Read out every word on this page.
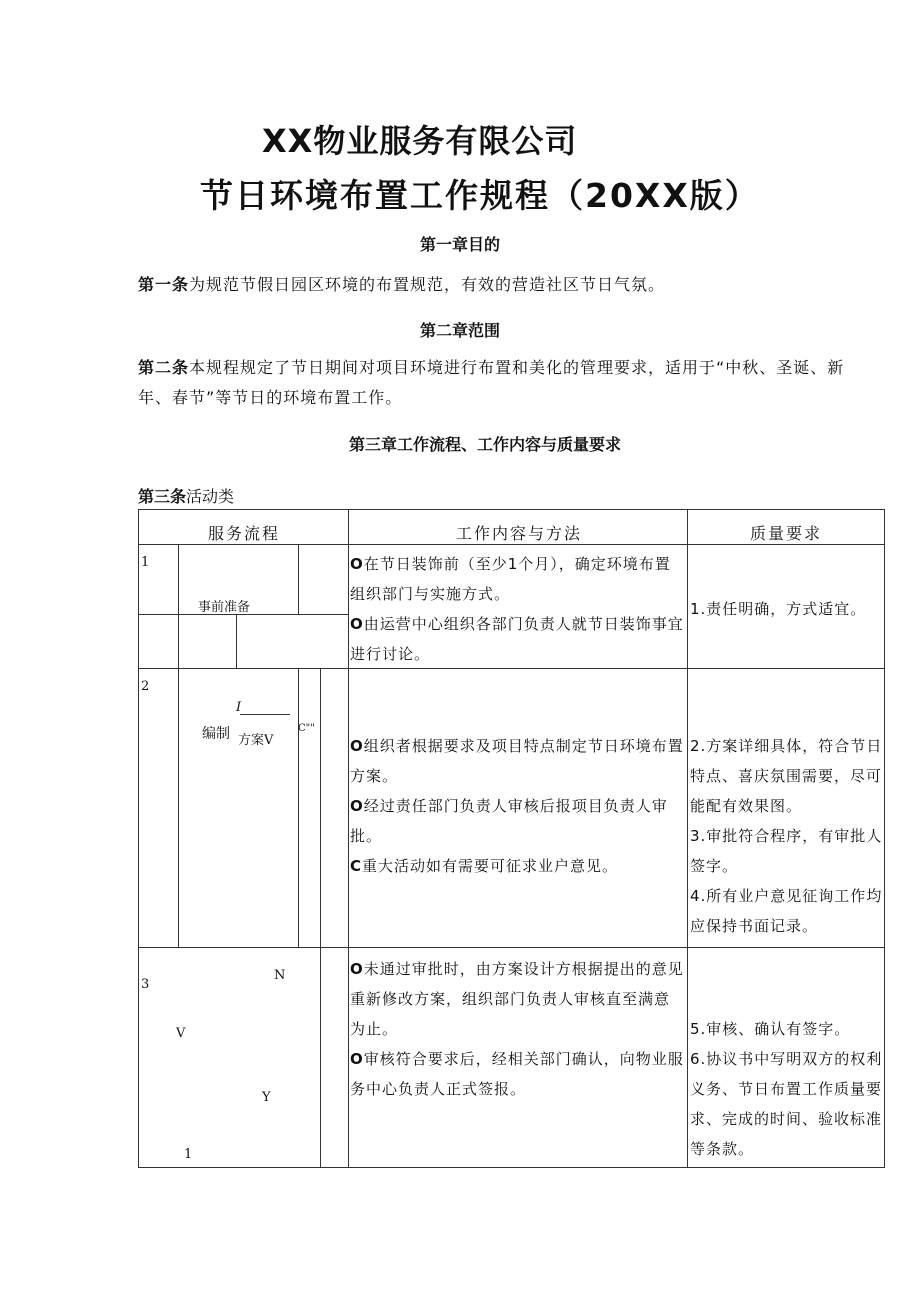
XX物业服务有限公司
节日环境布置工作规程（20XX版）
第一章目的
第一条为规范节假日园区环境的布置规范，有效的营造社区节日气氛。
第二章范围
第二条本规程规定了节日期间对项目环境进行布置和美化的管理要求，适用于“中秋、圣诞、新年、春节”等节日的环境布置工作。
第三章工作流程、工作内容与质量要求
第三条活动类
服务流程	工作内容与方法	质量要求
1
事前准备
O在节日装饰前（至少1个月），确定环境布置组织部门与实施方式。
O由运营中心组织各部门负责人就节日装饰事宜进行讨论。
1.责任明确，方式适宜。
2
编制
I
方案V
C""
O组织者根据要求及项目特点制定节日环境布置方案。
O经过责任部门负责人审核后报项目负责人审批。
C重大活动如有需要可征求业户意见。
2.方案详细具体，符合节日特点、喜庆氛围需要，尽可能配有效果图。
3.审批符合程序，有审批人签字。
4.所有业户意见征询工作均应保持书面记录。
3
N
V
Y
1
O未通过审批时，由方案设计方根据提出的意见重新修改方案，组织部门负责人审核直至满意为止。
O审核符合要求后，经相关部门确认，向物业服务中心负责人正式签报。
5.审核、确认有签字。
6.协议书中写明双方的权利义务、节日布置工作质量要求、完成的时间、验收标准等条款。
